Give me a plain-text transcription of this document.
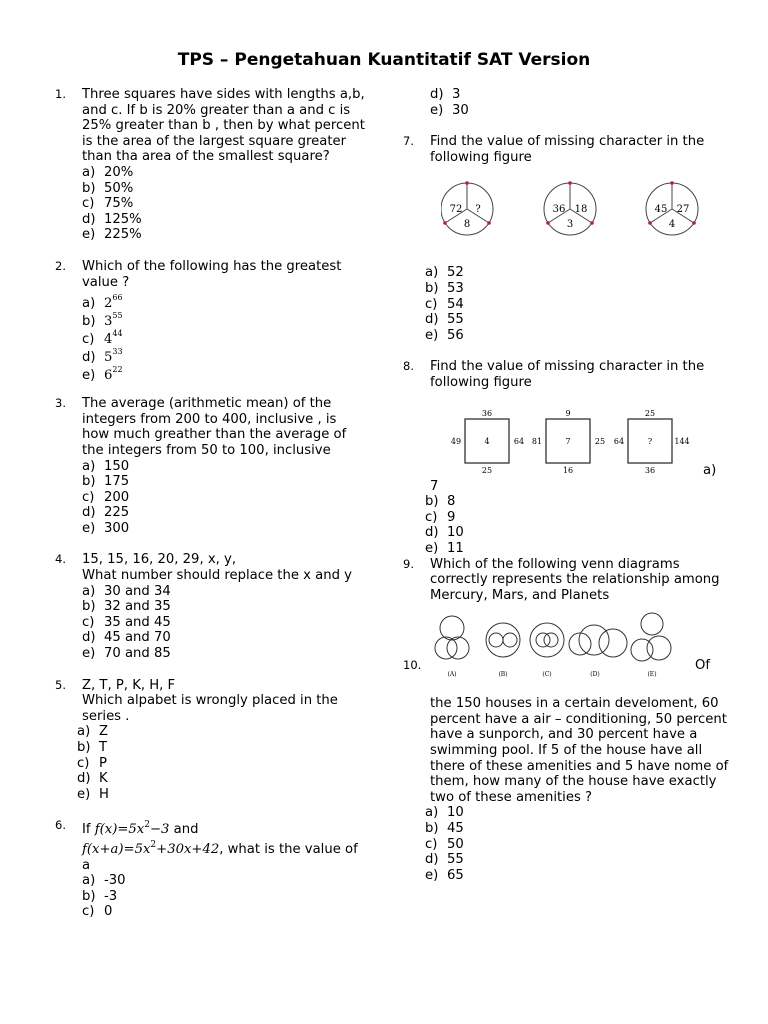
TPS – Pengetahuan Kuantitatif SAT Version
1. Three squares have sides with lengths a,b, and c. If b is 20% greater than a and c is 25% greater than b , then by what percent is the area of the largest square greater than tha area of the smallest square?
a) 20%
b) 50%
c) 75%
d) 125%
e) 225%
2. Which of the following has the greatest value ?
a) $2^{66}$
b) $3^{55}$
c) $4^{44}$
d) $5^{33}$
e) $6^{22}$
3. The average (arithmetic mean) of the integers from 200 to 400, inclusive , is how much greather than the average of the integers from 50 to 100, inclusive
a) 150
b) 175
c) 200
d) 225
e) 300
4. 15, 15, 16, 20, 29, x, y,
What number should replace the x and y
a) 30 and 34
b) 32 and 35
c) 35 and 45
d) 45 and 70
e) 70 and 85
5. Z, T, P, K, H, F
Which alpabet is wrongly placed in the series .
a) Z
b) T
c) P
d) K
e) H
6. If $f(x)=5x^2-3$ and
$f(x+a)=5x^2+30x+42$, what is the value of a
a) -30
b) -3
c) 0
d) 3
e) 30
7. Find the value of missing character in the following figure
72 ?
8
36 18
3
45 27
4
a) 52
b) 53
c) 54
d) 55
e) 56
8. Find the value of missing character in the following figure
36
25
49	64
4
9
16
81	25
7
25
36
64	144
?
a)
7
b) 8
c) 9
d) 10
e) 11
9. Which of the following venn diagrams correctly represents the relationship among Mercury, Mars, and Planets
10.
(A)	(B)	(C)	(D)	(E)
Of
the 150 houses in a certain develoment, 60 percent have a air – conditioning, 50 percent have a sunporch, and 30 percent have a swimming pool. If 5 of the house have all there of these amenities and 5 have nome of them, how many of the house have exactly two of these amenities ?
a) 10
b) 45
c) 50
d) 55
e) 65
